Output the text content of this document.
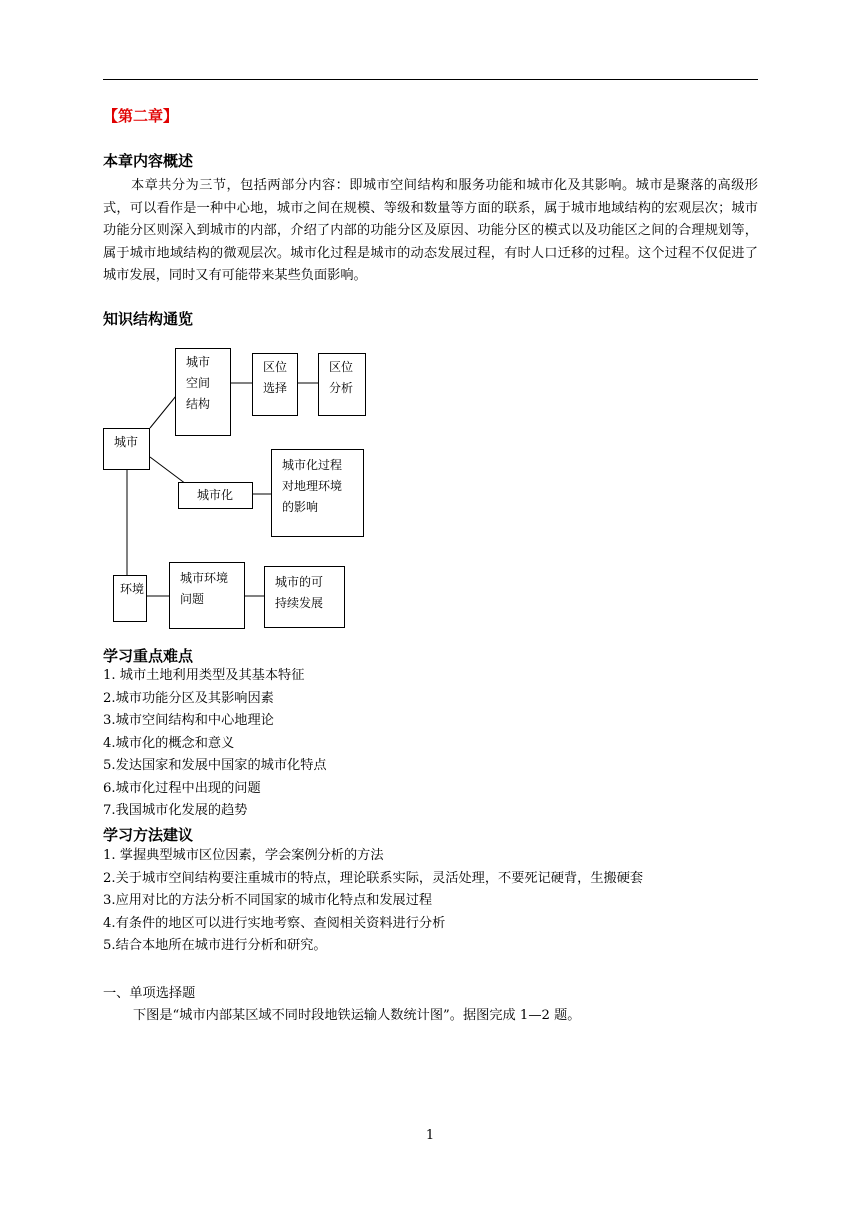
【第二章】
本章内容概述
本章共分为三节，包括两部分内容：即城市空间结构和服务功能和城市化及其影响。城市是聚落的高级形式，可以看作是一种中心地，城市之间在规模、等级和数量等方面的联系，属于城市地域结构的宏观层次；城市功能分区则深入到城市的内部，介绍了内部的功能分区及原因、功能分区的模式以及功能区之间的合理规划等，属于城市地域结构的微观层次。城市化过程是城市的动态发展过程，有时人口迁移的过程。这个过程不仅促进了城市发展，同时又有可能带来某些负面影响。
知识结构通览
城市
城市
空间
结构
区位
选择
区位
分析
城市化
城市化过程
对地理环境
的影响
环境
城市环境
问题
城市的可
持续发展
学习重点难点
1. 城市土地利用类型及其基本特征
2.城市功能分区及其影响因素
3.城市空间结构和中心地理论
4.城市化的概念和意义
5.发达国家和发展中国家的城市化特点
6.城市化过程中出现的问题
7.我国城市化发展的趋势
学习方法建议
1. 掌握典型城市区位因素，学会案例分析的方法
2.关于城市空间结构要注重城市的特点，理论联系实际，灵活处理，不要死记硬背，生搬硬套
3.应用对比的方法分析不同国家的城市化特点和发展过程
4.有条件的地区可以进行实地考察、查阅相关资料进行分析
5.结合本地所在城市进行分析和研究。
一、单项选择题
下图是“城市内部某区域不同时段地铁运输人数统计图”。据图完成 1—2 题。
1
